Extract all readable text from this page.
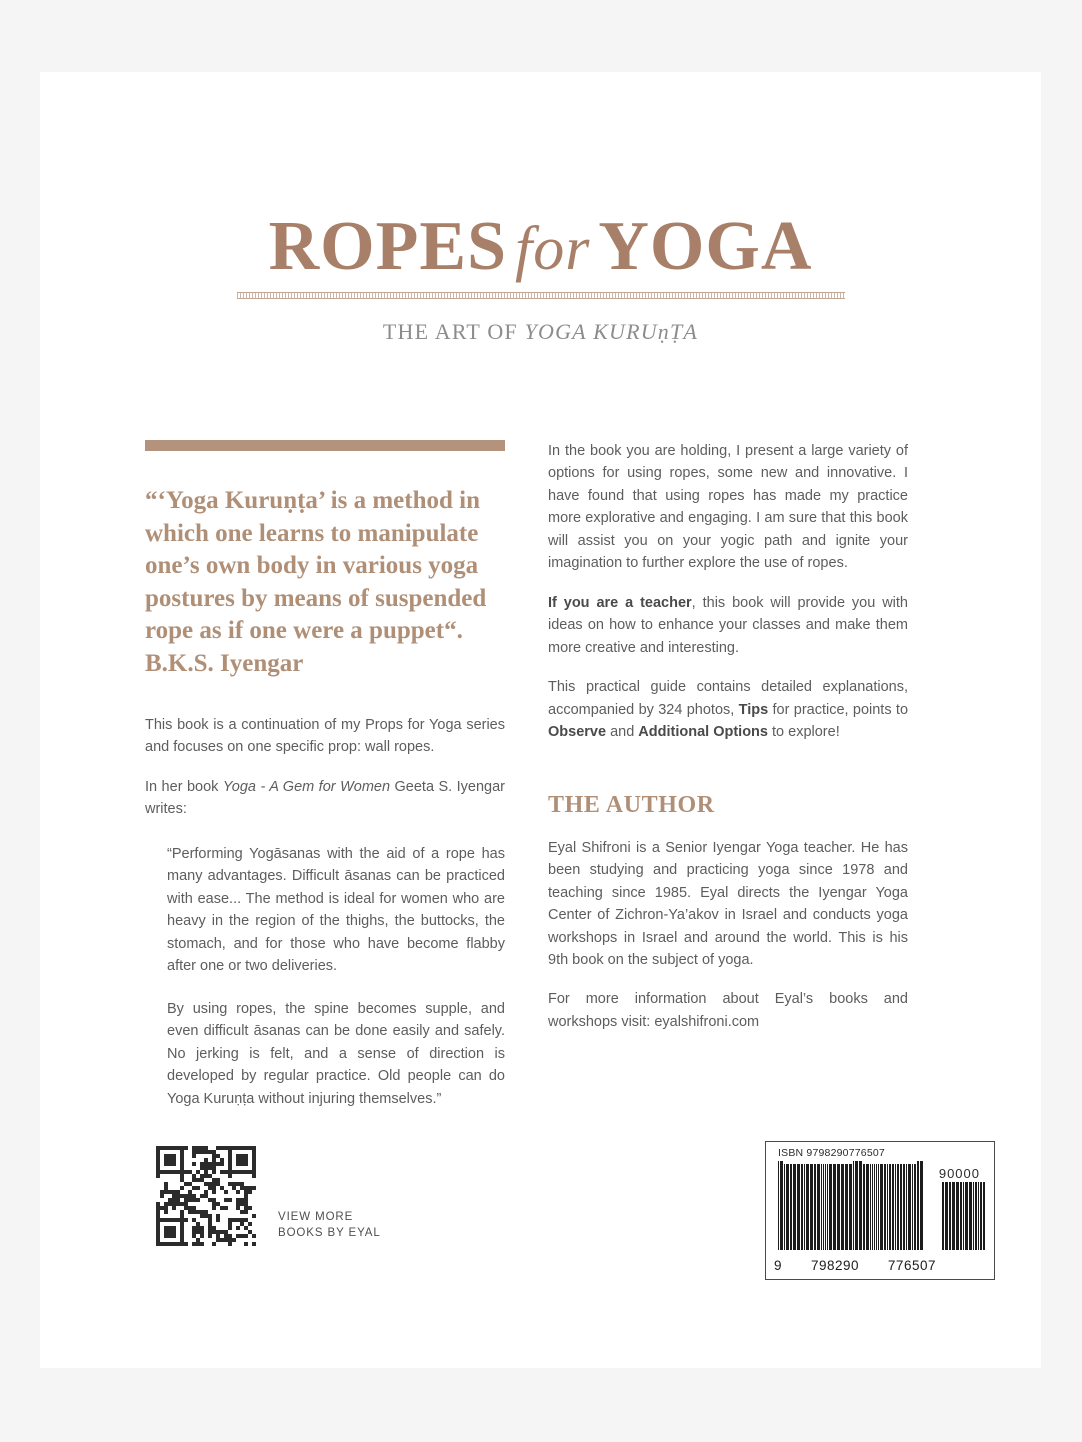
ROPES for YOGA
THE ART OF YOGA KURUṇṬA
“‘Yoga Kuruṇṭa’ is a method in which one learns to manipulate one’s own body in various yoga postures by means of suspended rope as if one were a puppet“. B.K.S. Iyengar

This book is a continuation of my Props for Yoga series and focuses on one specific prop: wall ropes.

In her book Yoga - A Gem for Women Geeta S. Iyengar writes:

“Performing Yogāsanas with the aid of a rope has many advantages. Difficult āsanas can be practiced with ease... The method is ideal for women who are heavy in the region of the thighs, the buttocks, the stomach, and for those who have become flabby after one or two deliveries.

By using ropes, the spine becomes supple, and even difficult āsanas can be done easily and safely. No jerking is felt, and a sense of direction is developed by regular practice. Old people can do Yoga Kuruṇṭa without injuring themselves.”

In the book you are holding, I present a large variety of options for using ropes, some new and innovative. I have found that using ropes has made my practice more explorative and engaging. I am sure that this book will assist you on your yogic path and ignite your imagination to further explore the use of ropes.

If you are a teacher, this book will provide you with ideas on how to enhance your classes and make them more creative and interesting.

This practical guide contains detailed explanations, accompanied by 324 photos, Tips for practice, points to Observe and Additional Options to explore!

THE AUTHOR

Eyal Shifroni is a Senior Iyengar Yoga teacher. He has been studying and practicing yoga since 1978 and teaching since 1985. Eyal directs the Iyengar Yoga Center of Zichron-Ya’akov in Israel and conducts yoga workshops in Israel and around the world. This is his 9th book on the subject of yoga.

For more information about Eyal’s books and workshops visit: eyalshifroni.com

VIEW MORE
BOOKS BY EYAL
ISBN 9798290776507
90000
9 798290 776507
